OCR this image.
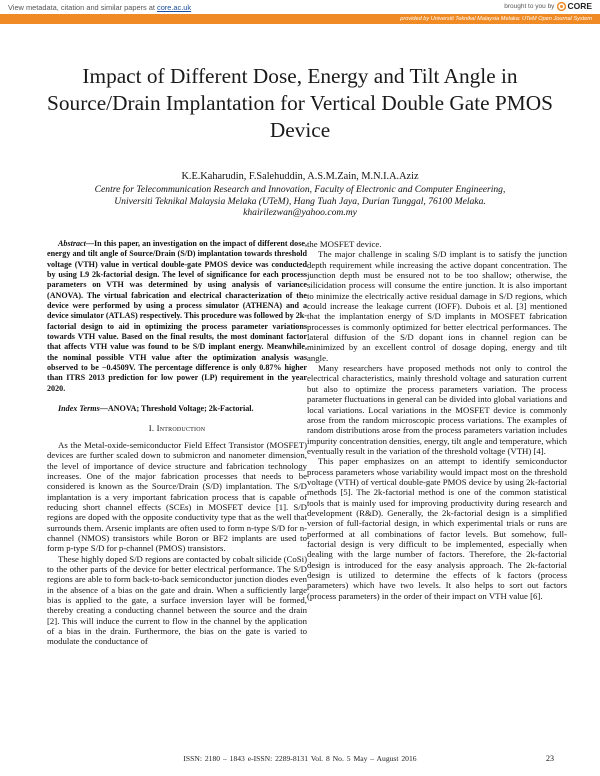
View metadata, citation and similar papers at core.ac.uk	brought to you by CORE
provided by Universiti Teknikal Malaysia Melaka: UTeM Open Journal System
Impact of Different Dose, Energy and Tilt Angle in Source/Drain Implantation for Vertical Double Gate PMOS Device
K.E.Kaharudin, F.Salehuddin, A.S.M.Zain, M.N.I.A.Aziz
Centre for Telecommunication Research and Innovation, Faculty of Electronic and Computer Engineering,
Universiti Teknikal Malaysia Melaka (UTeM), Hang Tuah Jaya, Durian Tunggal, 76100 Melaka.
khairilezwan@yahoo.com.my

Abstract—In this paper, an investigation on the impact of different dose, energy and tilt angle of Source/Drain (S/D) implantation towards threshold voltage (VTH) value in vertical double-gate PMOS device was conducted by using L9 2k-factorial design. The level of significance for each process parameters on VTH was determined by using analysis of variance (ANOVA). The virtual fabrication and electrical characterization of the device were performed by using a process simulator (ATHENA) and a device simulator (ATLAS) respectively. This procedure was followed by 2k-factorial design to aid in optimizing the process parameter variations towards VTH value. Based on the final results, the most dominant factor that affects VTH value was found to be S/D implant energy. Meanwhile, the nominal possible VTH value after the optimization analysis was observed to be −0.4509V. The percentage difference is only 0.87% higher than ITRS 2013 prediction for low power (LP) requirement in the year 2020.

Index Terms—ANOVA; Threshold Voltage; 2k-Factorial.

I. Introduction

As the Metal-oxide-semiconductor Field Effect Transistor (MOSFET) devices are further scaled down to submicron and nanometer dimension, the level of importance of device structure and fabrication technology increases. One of the major fabrication processes that needs to be considered is known as the Source/Drain (S/D) implantation. The S/D implantation is a very important fabrication process that is capable of reducing short channel effects (SCEs) in MOSFET device [1]. S/D regions are doped with the opposite conductivity type that as the well that surrounds them. Arsenic implants are often used to form n-type S/D for n-channel (NMOS) transistors while Boron or BF2 implants are used to form p-type S/D for p-channel (PMOS) transistors.

These highly doped S/D regions are contacted by cobalt silicide (CoSi) to the other parts of the device for better electrical performance. The S/D regions are able to form back-to-back semiconductor junction diodes even in the absence of a bias on the gate and drain. When a sufficiently large bias is applied to the gate, a surface inversion layer will be formed, thereby creating a conducting channel between the source and the drain [2]. This will induce the current to flow in the channel by the application of a bias in the drain. Furthermore, the bias on the gate is varied to modulate the conductance of

the MOSFET device.

The major challenge in scaling S/D implant is to satisfy the junction depth requirement while increasing the active dopant concentration. The junction depth must be ensured not to be too shallow; otherwise, the silicidation process will consume the entire junction. It is also important to minimize the electrically active residual damage in S/D regions, which could increase the leakage current (IOFF). Dubois et al. [3] mentioned that the implantation energy of S/D implants in MOSFET fabrication processes is commonly optimized for better electrical performances. The lateral diffusion of the S/D dopant ions in channel region can be minimized by an excellent control of dosage doping, energy and tilt angle.

Many researchers have proposed methods not only to control the electrical characteristics, mainly threshold voltage and saturation current but also to optimize the process parameters variation. The process parameter fluctuations in general can be divided into global variations and local variations. Local variations in the MOSFET device is commonly arose from the random microscopic process variations. The examples of random distributions arose from the process parameters variation includes impurity concentration densities, energy, tilt angle and temperature, which eventually result in the variation of the threshold voltage (VTH) [4].

This paper emphasizes on an attempt to identify semiconductor process parameters whose variability would impact most on the threshold voltage (VTH) of vertical double-gate PMOS device by using 2k-factorial methods [5]. The 2k-factorial method is one of the common statistical tools that is mainly used for improving productivity during research and development (R&D). Generally, the 2k-factorial design is a simplified version of full-factorial design, in which experimental trials or runs are performed at all combinations of factor levels. But somehow, full-factorial design is very difficult to be implemented, especially when dealing with the large number of factors. Therefore, the 2k-factorial design is introduced for the easy analysis approach. The 2k-factorial design is utilized to determine the effects of k factors (process parameters) which have two levels. It also helps to sort out factors (process parameters) in the order of their impact on VTH value [6].

ISSN: 2180 – 1843 e-ISSN: 2289-8131 Vol. 8 No. 5 May – August 2016	23
